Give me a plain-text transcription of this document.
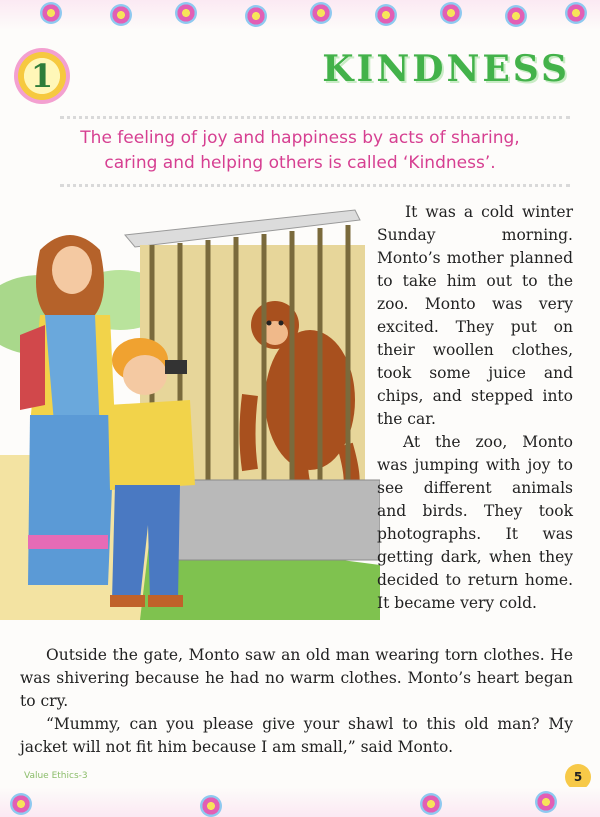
1	KINDNESS
The feeling of joy and happiness by acts of sharing,
caring and helping others is called ‘Kindness’.

It was a cold winter Sunday morning. Monto’s mother planned to take him out to the zoo. Monto was very excited. They put on their woollen clothes, took some juice and chips, and stepped into the car.

At the zoo, Monto was jumping with joy to see different animals and birds. They took photographs. It was getting dark, when they decided to return home. It became very cold.

Outside the gate, Monto saw an old man wearing torn clothes. He was shivering because he had no warm clothes. Monto’s heart began to cry.

“Mummy, can you please give your shawl to this old man? My jacket will not fit him because I am small,” said Monto.

Value Ethics-3	5
